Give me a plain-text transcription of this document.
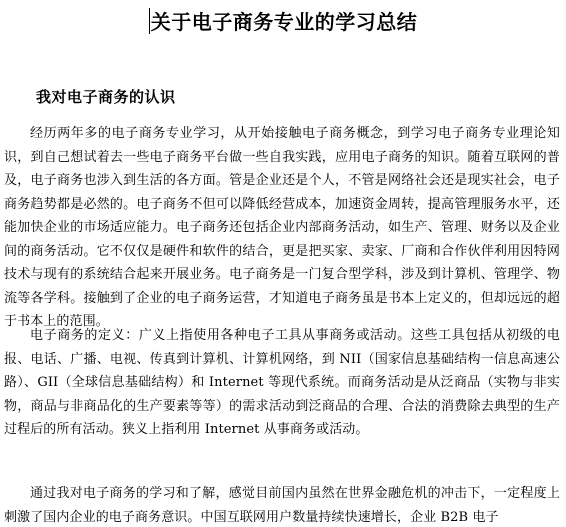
关于电子商务专业的学习总结
我对电子商务的认识

经历两年多的电子商务专业学习，从开始接触电子商务概念，到学习电子商务专业理论知识，到自己想试着去一些电子商务平台做一些自我实践，应用电子商务的知识。随着互联网的普及，电子商务也涉入到生活的各方面。管是企业还是个人，不管是网络社会还是现实社会，电子商务趋势都是必然的。电子商务不但可以降低经营成本，加速资金周转，提高管理服务水平，还能加快企业的市场适应能力。电子商务还包括企业内部商务活动，如生产、管理、财务以及企业间的商务活动。它不仅仅是硬件和软件的结合，更是把买家、卖家、厂商和合作伙伴利用因特网技术与现有的系统结合起来开展业务。电子商务是一门复合型学科，涉及到计算机、管理学、物流等各学科。接触到了企业的电子商务运营，才知道电子商务虽是书本上定义的，但却远远的超于书本上的范围。

电子商务的定义：广义上指使用各种电子工具从事商务或活动。这些工具包括从初级的电报、电话、广播、电视、传真到计算机、计算机网络，到 NII（国家信息基础结构一信息高速公路）、GII（全球信息基础结构）和 Internet 等现代系统。而商务活动是从泛商品（实物与非实物，商品与非商品化的生产要素等等）的需求活动到泛商品的合理、合法的消费除去典型的生产过程后的所有活动。狭义上指利用 Internet 从事商务或活动。

通过我对电子商务的学习和了解，感觉目前国内虽然在世界金融危机的冲击下，一定程度上刺激了国内企业的电子商务意识。中国互联网用户数量持续快速增长，企业 B2B 电子
